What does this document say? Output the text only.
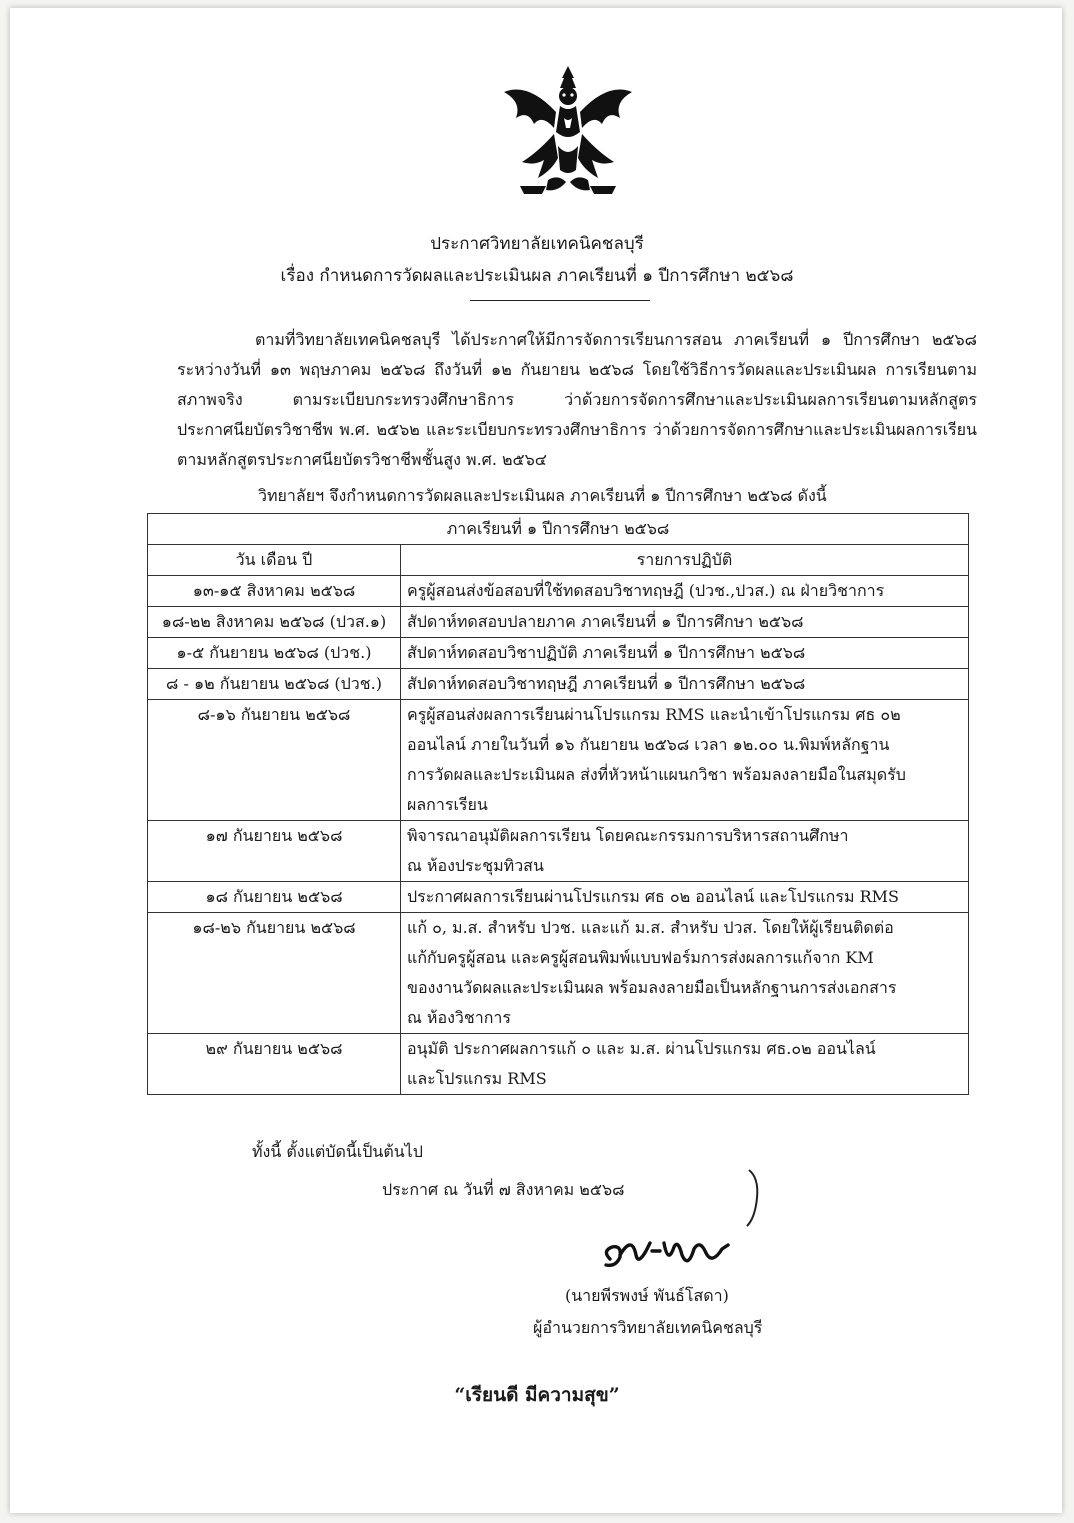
ประกาศวิทยาลัยเทคนิคชลบุรี
เรื่อง กำหนดการวัดผลและประเมินผล ภาคเรียนที่ ๑ ปีการศึกษา ๒๕๖๘
ตามที่วิทยาลัยเทคนิคชลบุรี ได้ประกาศให้มีการจัดการเรียนการสอน ภาคเรียนที่ ๑ ปีการศึกษา ๒๕๖๘ ระหว่างวันที่ ๑๓ พฤษภาคม ๒๕๖๘ ถึงวันที่ ๑๒ กันยายน ๒๕๖๘ โดยใช้วิธีการวัดผลและประเมินผล การเรียนตามสภาพจริง ตามระเบียบกระทรวงศึกษาธิการ ว่าด้วยการจัดการศึกษาและประเมินผลการเรียนตามหลักสูตรประกาศนียบัตรวิชาชีพ พ.ศ. ๒๕๖๒ และระเบียบกระทรวงศึกษาธิการ ว่าด้วยการจัดการศึกษาและประเมินผลการเรียนตามหลักสูตรประกาศนียบัตรวิชาชีพชั้นสูง พ.ศ. ๒๕๖๔
วิทยาลัยฯ จึงกำหนดการวัดผลและประเมินผล ภาคเรียนที่ ๑ ปีการศึกษา ๒๕๖๘ ดังนี้
ภาคเรียนที่ ๑ ปีการศึกษา ๒๕๖๘	
วัน เดือน ปี	รายการปฏิบัติ
๑๓-๑๕ สิงหาคม ๒๕๖๘	ครูผู้สอนส่งข้อสอบที่ใช้ทดสอบวิชาทฤษฎี (ปวช.,ปวส.) ณ ฝ่ายวิชาการ

๑๘-๒๒ สิงหาคม ๒๕๖๘ (ปวส.๑)	สัปดาห์ทดสอบปลายภาค ภาคเรียนที่ ๑ ปีการศึกษา ๒๕๖๘

๑-๕ กันยายน ๒๕๖๘ (ปวช.)	สัปดาห์ทดสอบวิชาปฏิบัติ ภาคเรียนที่ ๑ ปีการศึกษา ๒๕๖๘

๘ - ๑๒ กันยายน ๒๕๖๘ (ปวช.)	สัปดาห์ทดสอบวิชาทฤษฎี ภาคเรียนที่ ๑ ปีการศึกษา ๒๕๖๘

๘-๑๖ กันยายน ๒๕๖๘	ครูผู้สอนส่งผลการเรียนผ่านโปรแกรม RMS และนำเข้าโปรแกรม ศธ ๐๒
ออนไลน์ ภายในวันที่ ๑๖ กันยายน ๒๕๖๘ เวลา ๑๒.๐๐ น.พิมพ์หลักฐาน
การวัดผลและประเมินผล ส่งที่หัวหน้าแผนกวิชา พร้อมลงลายมือในสมุดรับ
ผลการเรียน

๑๗ กันยายน ๒๕๖๘	พิจารณาอนุมัติผลการเรียน โดยคณะกรรมการบริหารสถานศึกษา
ณ ห้องประชุมทิวสน

๑๘ กันยายน ๒๕๖๘	ประกาศผลการเรียนผ่านโปรแกรม ศธ ๐๒ ออนไลน์ และโปรแกรม RMS

๑๘-๒๖ กันยายน ๒๕๖๘	แก้ ๐, ม.ส. สำหรับ ปวช. และแก้ ม.ส. สำหรับ ปวส. โดยให้ผู้เรียนติดต่อ
แก้กับครูผู้สอน และครูผู้สอนพิมพ์แบบฟอร์มการส่งผลการแก้จาก KM
ของงานวัดผลและประเมินผล พร้อมลงลายมือเป็นหลักฐานการส่งเอกสาร
ณ ห้องวิชาการ

๒๙ กันยายน ๒๕๖๘	อนุมัติ ประกาศผลการแก้ ๐ และ ม.ส. ผ่านโปรแกรม ศธ.๐๒ ออนไลน์
และโปรแกรม RMS
ทั้งนี้ ตั้งแต่บัดนี้เป็นต้นไป
ประกาศ ณ วันที่ ๗ สิงหาคม ๒๕๖๘
(นายพีรพงษ์ พันธ์โสดา)
ผู้อำนวยการวิทยาลัยเทคนิคชลบุรี
“เรียนดี มีความสุข”
